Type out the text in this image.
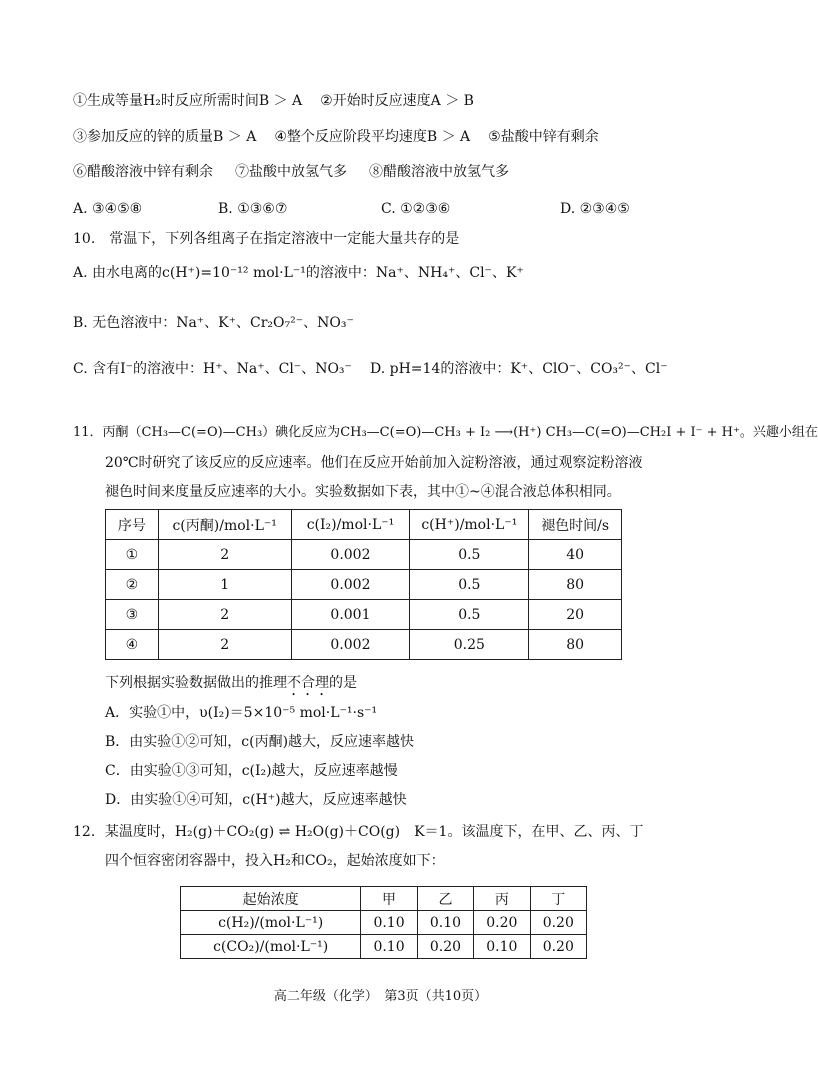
①生成等量H₂时反应所需时间B ＞ A ②开始时反应速度A ＞ B
③参加反应的锌的质量B ＞ A ④整个反应阶段平均速度B ＞ A ⑤盐酸中锌有剩余
⑥醋酸溶液中锌有剩余 ⑦盐酸中放氢气多 ⑧醋酸溶液中放氢气多
A. ③④⑤⑧	B. ①③⑥⑦	C. ①②③⑥	D. ②③④⑤
10.　常温下，下列各组离子在指定溶液中一定能大量共存的是
A. 由水电离的c(H⁺)=10⁻¹² mol·L⁻¹的溶液中：Na⁺、NH₄⁺、Cl⁻、K⁺
B. 无色溶液中：Na⁺、K⁺、Cr₂O₇²⁻、NO₃⁻
C. 含有I⁻的溶液中：H⁺、Na⁺、Cl⁻、NO₃⁻ D. pH=14的溶液中：K⁺、ClO⁻、CO₃²⁻、Cl⁻
11．丙酮（CH₃—C(=O)—CH₃）碘化反应为CH₃—C(=O)—CH₃ + I₂ ⟶(H⁺) CH₃—C(=O)—CH₂I + I⁻ + H⁺。兴趣小组在
20℃时研究了该反应的反应速率。他们在反应开始前加入淀粉溶液，通过观察淀粉溶液
褪色时间来度量反应速率的大小。实验数据如下表，其中①~④混合液总体积相同。
序号	c(丙酮)/mol·L⁻¹	c(I₂)/mol·L⁻¹	c(H⁺)/mol·L⁻¹	褪色时间/s
①	2	0.002	0.5	40
②	1	0.002	0.5	80
③	2	0.001	0.5	20
④	2	0.002	0.25	80
下列根据实验数据做出的推理不合理的是
A．实验①中，υ(I₂)＝5×10⁻⁵ mol·L⁻¹·s⁻¹
B．由实验①②可知，c(丙酮)越大，反应速率越快
C．由实验①③可知，c(I₂)越大，反应速率越慢
D．由实验①④可知，c(H⁺)越大，反应速率越快
12．某温度时，H₂(g)＋CO₂(g) ⇌ H₂O(g)＋CO(g)　K＝1。该温度下，在甲、乙、丙、丁
四个恒容密闭容器中，投入H₂和CO₂，起始浓度如下：
起始浓度	甲	乙	丙	丁
c(H₂)/(mol·L⁻¹)	0.10	0.10	0.20	0.20
c(CO₂)/(mol·L⁻¹)	0.10	0.20	0.10	0.20
高二年级（化学）　第3页（共10页）
